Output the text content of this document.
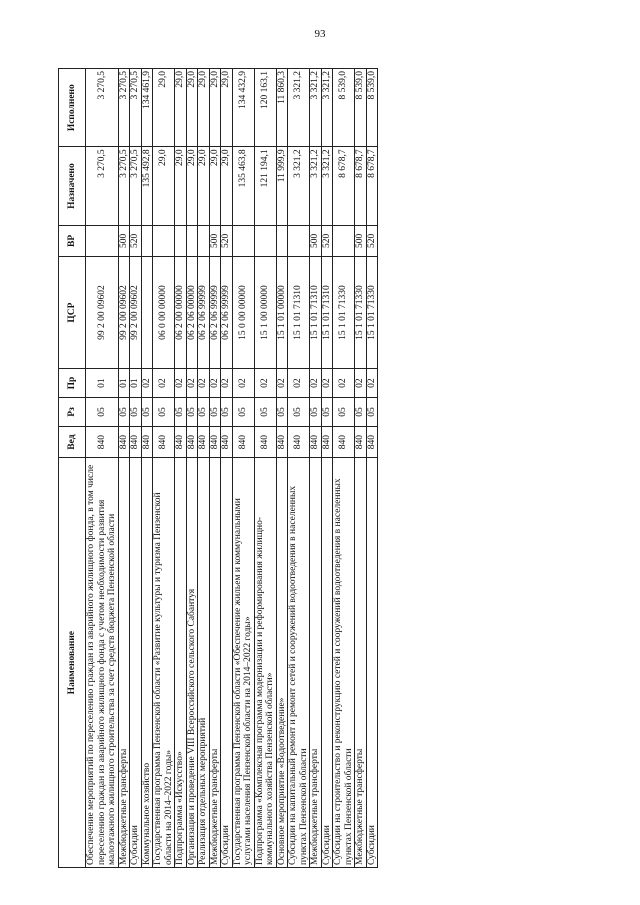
93
Наименование	Вед	Рз	Пр	ЦСР	ВР	Назначено	Исполнено
Обеспечение мероприятий по переселению граждан из аварийного жилищного фонда, в том числе переселению граждан из аварийного жилищного фонда с учетом необходимости развития малоэтажного жилищного строительства за счет средств бюджета Пензенской области	840	05	01	99 2 00 09602		3 270,5	3 270,5
Межбюджетные трансферты	840	05	01	99 2 00 09602	500	3 270,5	3 270,5
Субсидии	840	05	01	99 2 00 09602	520	3 270,5	3 270,5
Коммунальное хозяйство	840	05	02			135 492,8	134 461,9
Государственная программа Пензенской области «Развитие культуры и туризма Пензенской области на 2014–2022 годы»	840	05	02	06 0 00 00000		29,0	29,0
Подпрограмма «Искусство»	840	05	02	06 2 00 00000		29,0	29,0
Организация и проведение VIII Всероссийского сельского Сабантуя	840	05	02	06 2 06 00000		29,0	29,0
Реализация отдельных мероприятий	840	05	02	06 2 06 99999		29,0	29,0
Межбюджетные трансферты	840	05	02	06 2 06 99999	500	29,0	29,0
Субсидии	840	05	02	06 2 06 99999	520	29,0	29,0
Государственная программа Пензенской области «Обеспечение жильем и коммунальными услугами населения Пензенской области на 2014–2022 годы»	840	05	02	15 0 00 00000		135 463,8	134 432,9
Подпрограмма «Комплексная программа модернизации и реформирования жилищно-коммунального хозяйства Пензенской области»	840	05	02	15 1 00 00000		121 194,1	120 163,1
Основное мероприятие «Водоотведение»	840	05	02	15 1 01 00000		11 999,9	11 860,3
Субсидии на капитальный ремонт и ремонт сетей и сооружений водоотведения в населенных пунктах Пензенской области	840	05	02	15 1 01 71310		3 321,2	3 321,2
Межбюджетные трансферты	840	05	02	15 1 01 71310	500	3 321,2	3 321,2
Субсидии	840	05	02	15 1 01 71310	520	3 321,2	3 321,2
Субсидии на строительство и реконструкцию сетей и сооружений водоотведения в населенных пунктах Пензенской области	840	05	02	15 1 01 71330		8 678,7	8 539,0
Межбюджетные трансферты	840	05	02	15 1 01 71330	500	8 678,7	8 539,0
Субсидии	840	05	02	15 1 01 71330	520	8 678,7	8 539,0
